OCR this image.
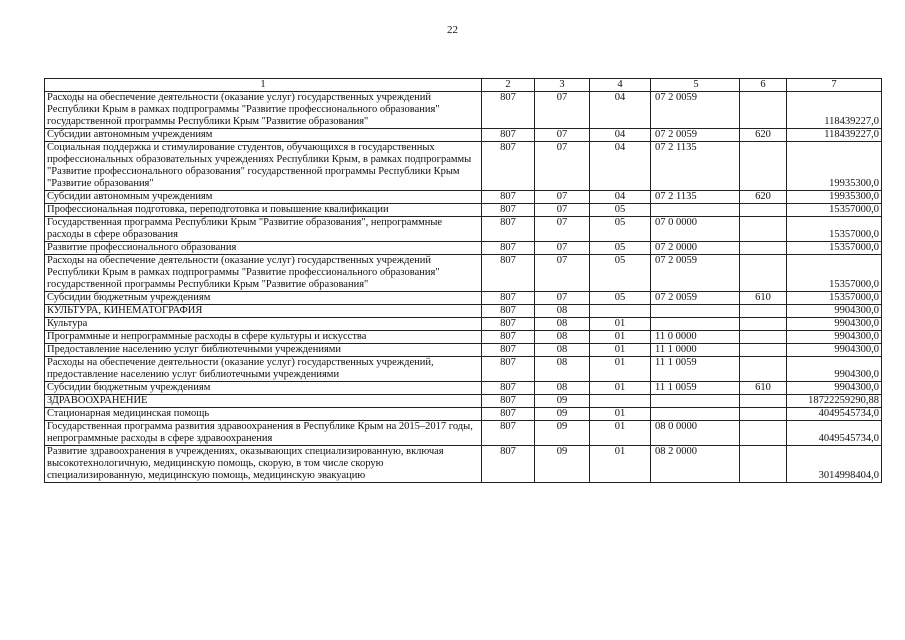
22
1	2	3	4	5	6	7
Расходы на обеспечение деятельности (оказание услуг) государственных учреждений Республики Крым в рамках подпрограммы "Развитие профессионального образования" государственной программы Республики Крым "Развитие образования"	807	07	04	07 2 0059		118439227,0
Субсидии автономным учреждениям	807	07	04	07 2 0059	620	118439227,0
Социальная поддержка и стимулирование студентов, обучающихся в государственных профессиональных образовательных учреждениях Республики Крым, в рамках подпрограммы "Развитие профессионального образования" государственной программы Республики Крым "Развитие образования"	807	07	04	07 2 1135		19935300,0
Субсидии автономным учреждениям	807	07	04	07 2 1135	620	19935300,0
Профессиональная подготовка, переподготовка и повышение квалификации	807	07	05			15357000,0
Государственная программа Республики Крым "Развитие образования", непрограммные расходы в сфере образования	807	07	05	07 0 0000		15357000,0
Развитие профессионального образования	807	07	05	07 2 0000		15357000,0
Расходы на обеспечение деятельности (оказание услуг) государственных учреждений Республики Крым в рамках подпрограммы "Развитие профессионального образования" государственной программы Республики Крым "Развитие образования"	807	07	05	07 2 0059		15357000,0
Субсидии бюджетным учреждениям	807	07	05	07 2 0059	610	15357000,0
КУЛЬТУРА, КИНЕМАТОГРАФИЯ	807	08				9904300,0
Культура	807	08	01			9904300,0
Программные и непрограммные расходы в сфере культуры и искусства	807	08	01	11 0 0000		9904300,0
Предоставление населению услуг библиотечными учреждениями	807	08	01	11 1 0000		9904300,0
Расходы на обеспечение деятельности (оказание услуг) государственных учреждений, предоставление населению услуг библиотечными учреждениями	807	08	01	11 1 0059		9904300,0
Субсидии бюджетным учреждениям	807	08	01	11 1 0059	610	9904300,0
ЗДРАВООХРАНЕНИЕ	807	09				18722259290,88
Стационарная медицинская помощь	807	09	01			4049545734,0
Государственная программа развития здравоохранения в Республике Крым на 2015–2017 годы, непрограммные расходы в сфере здравоохранения	807	09	01	08 0 0000		4049545734,0
Развитие здравоохранения в учреждениях, оказывающих специализированную, включая высокотехнологичную, медицинскую помощь, скорую, в том числе скорую специализированную, медицинскую помощь, медицинскую эвакуацию	807	09	01	08 2 0000		3014998404,0
